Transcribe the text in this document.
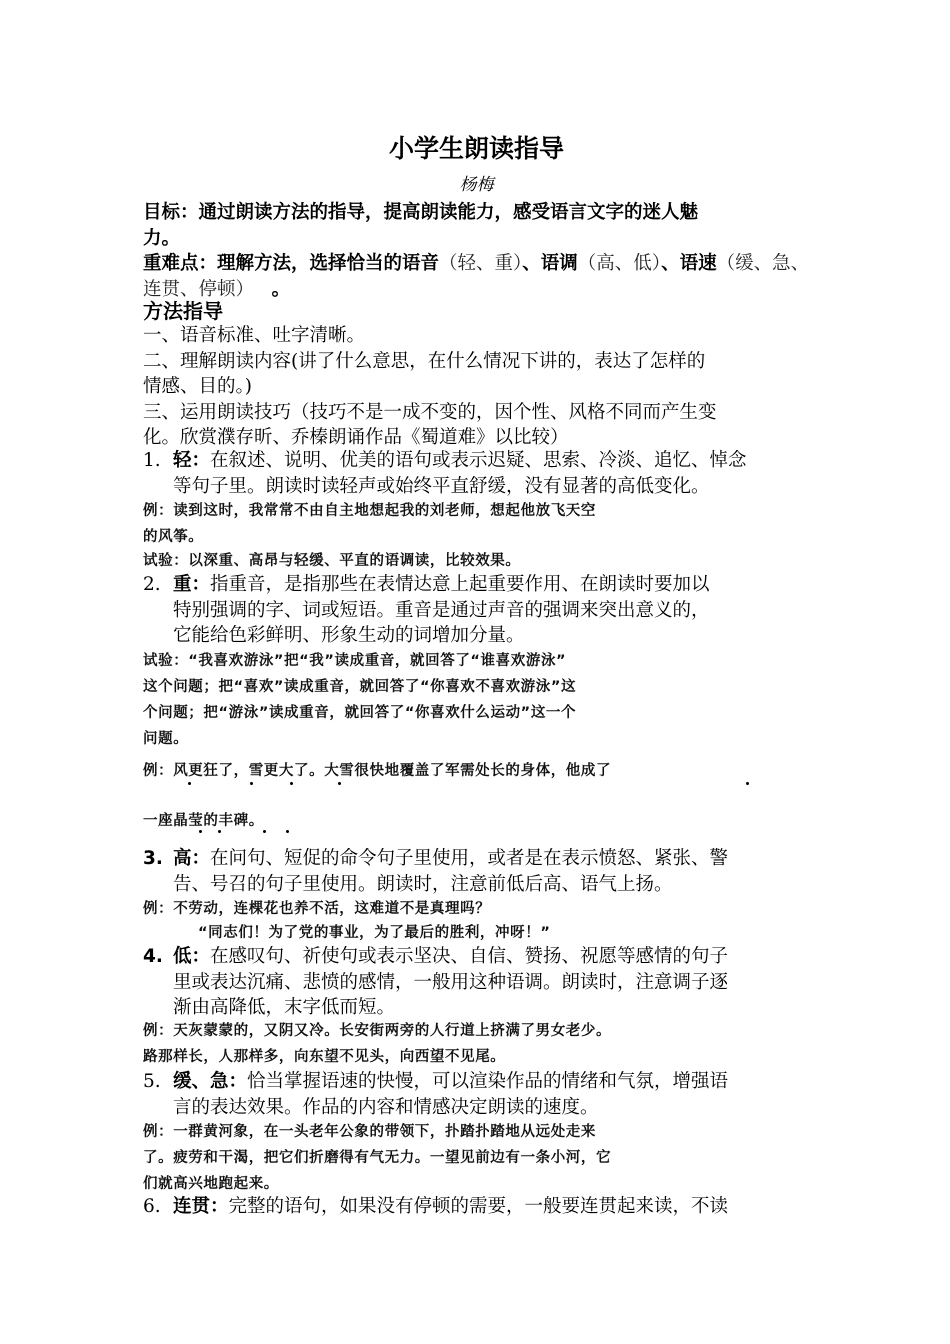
小学生朗读指导
杨梅
目标：通过朗读方法的指导，提高朗读能力，感受语言文字的迷人魅
力。
重难点：理解方法，选择恰当的语音（轻、重）、语调（高、低）、语速（缓、急、连贯、停顿） 。
方法指导
一、语音标准、吐字清晰。
二、理解朗读内容(讲了什么意思，在什么情况下讲的，表达了怎样的
情感、目的。)
三、运用朗读技巧（技巧不是一成不变的，因个性、风格不同而产生变
化。欣赏濮存昕、乔榛朗诵作品《蜀道难》以比较）
1. 轻：在叙述、说明、优美的语句或表示迟疑、思索、冷淡、追忆、悼念
等句子里。朗读时读轻声或始终平直舒缓，没有显著的高低变化。
例：读到这时，我常常不由自主地想起我的刘老师，想起他放飞天空
的风筝。
试验：以深重、高昂与轻缓、平直的语调读，比较效果。
2. 重：指重音，是指那些在表情达意上起重要作用、在朗读时要加以
特别强调的字、词或短语。重音是通过声音的强调来突出意义的，
它能给色彩鲜明、形象生动的词增加分量。
试验：“我喜欢游泳”把“我”读成重音，就回答了“谁喜欢游泳”
这个问题；把“喜欢”读成重音，就回答了“你喜欢不喜欢游泳”这
个问题；把“游泳”读成重音，就回答了“你喜欢什么运动”这一个
问题。
例：风更狂了，雪更大了。大雪很快地覆盖了军需处长的身体，他成了
一座晶莹的丰碑。
3. 高：在问句、短促的命令句子里使用，或者是在表示愤怒、紧张、警
告、号召的句子里使用。朗读时，注意前低后高、语气上扬。
例：不劳动，连棵花也养不活，这难道不是真理吗？
“同志们！为了党的事业，为了最后的胜利，冲呀！”
4. 低：在感叹句、祈使句或表示坚决、自信、赞扬、祝愿等感情的句子
里或表达沉痛、悲愤的感情，一般用这种语调。朗读时，注意调子逐
渐由高降低，末字低而短。
例：天灰蒙蒙的，又阴又冷。长安街两旁的人行道上挤满了男女老少。
路那样长，人那样多，向东望不见头，向西望不见尾。
5. 缓、急：恰当掌握语速的快慢，可以渲染作品的情绪和气氛，增强语
言的表达效果。作品的内容和情感决定朗读的速度。
例：一群黄河象，在一头老年公象的带领下，扑踏扑踏地从远处走来
了。疲劳和干渴，把它们折磨得有气无力。一望见前边有一条小河，它
们就高兴地跑起来。
6. 连贯：完整的语句，如果没有停顿的需要，一般要连贯起来读，不读
